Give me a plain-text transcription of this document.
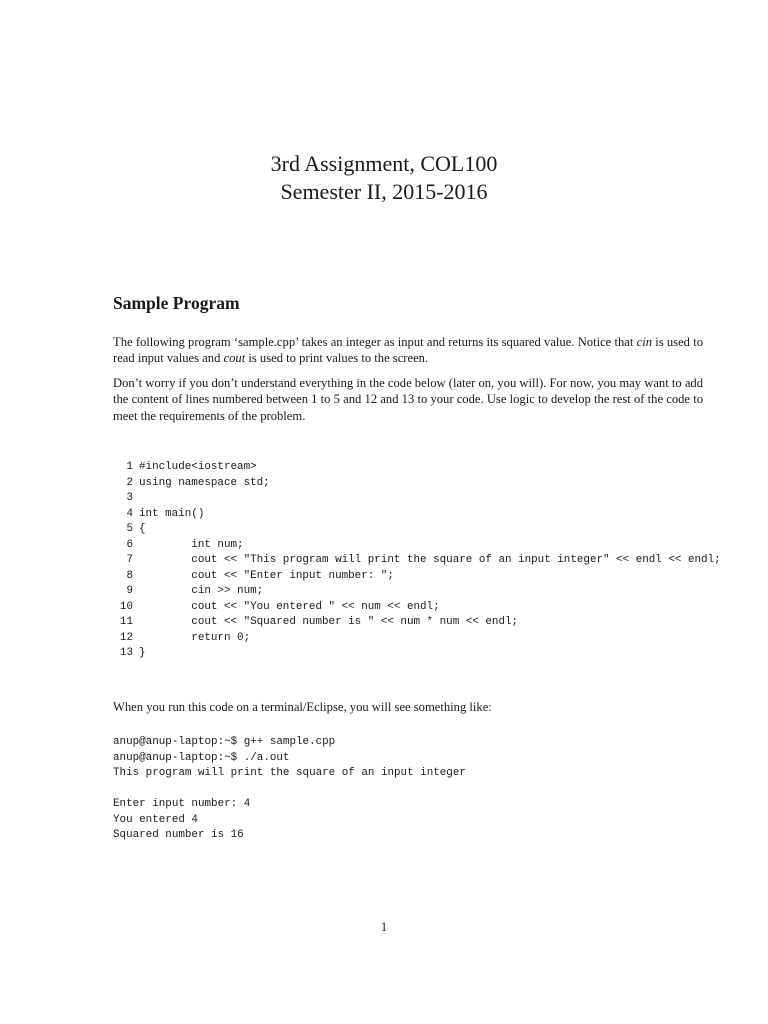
3rd Assignment, COL100
Semester II, 2015-2016
Sample Program

The following program ‘sample.cpp’ takes an integer as input and returns its squared value. Notice that cin is used to read input values and cout is used to print values to the screen.

Don’t worry if you don’t understand everything in the code below (later on, you will). For now, you may want to add the content of lines numbered between 1 to 5 and 12 and 13 to your code. Use logic to develop the rest of the code to meet the requirements of the problem.

1 #include<iostream>
2 using namespace std;
3
4 int main()
5 {
6 int num;
7 cout << "This program will print the square of an input integer" << endl << endl;
8 cout << "Enter input number: ";
9 cin >> num;
10 cout << "You entered " << num << endl;
11 cout << "Squared number is " << num * num << endl;
12 return 0;
13 }

When you run this code on a terminal/Eclipse, you will see something like:

anup@anup-laptop:~$ g++ sample.cpp
anup@anup-laptop:~$ ./a.out
This program will print the square of an input integer
Enter input number: 4
You entered 4
Squared number is 16
1
